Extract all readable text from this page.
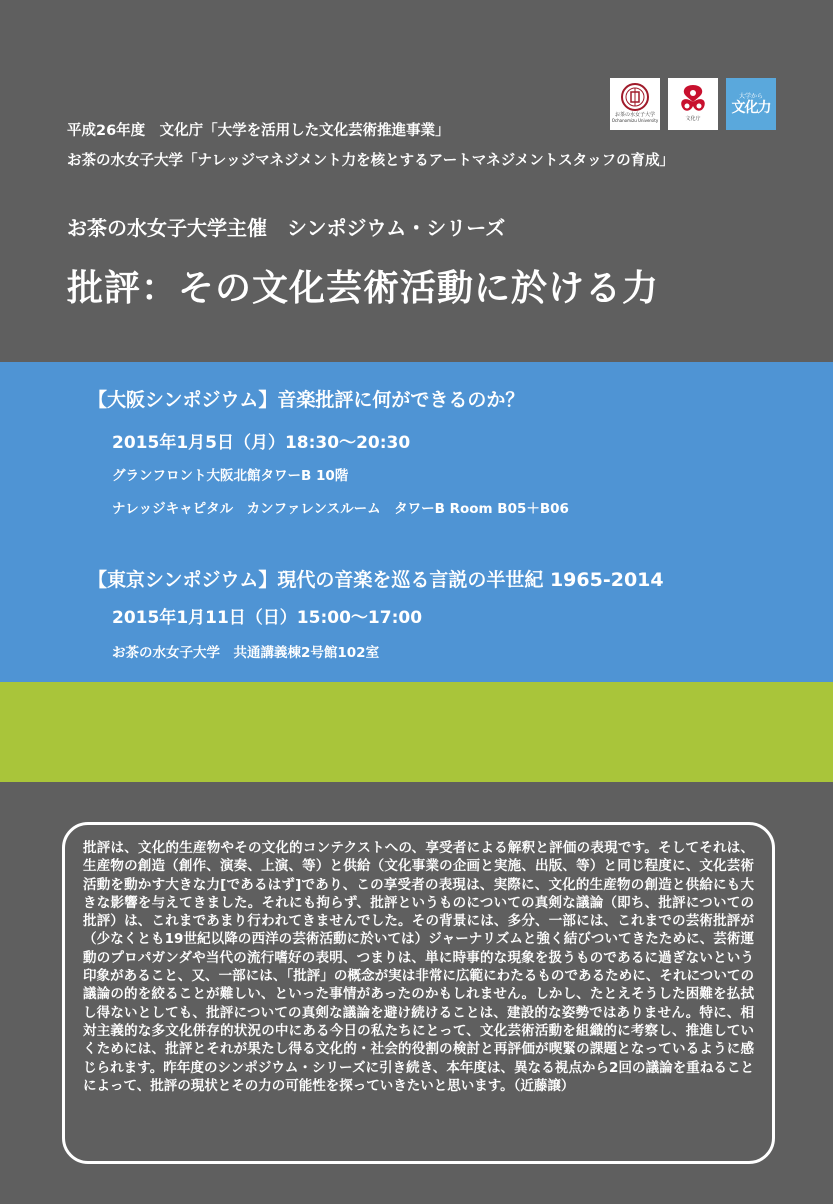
お茶の水女子大学
Ochanomizu University	文化庁
大学から
文化力
平成26年度　文化庁「大学を活用した文化芸術推進事業」
お茶の水女子大学「ナレッジマネジメント力を核とするアートマネジメントスタッフの育成」
お茶の水女子大学主催　シンポジウム・シリーズ
批評：その文化芸術活動に於ける力
【大阪シンポジウム】音楽批評に何ができるのか？
2015年1月5日（月）18:30〜20:30
グランフロント大阪北館タワーB 10階
ナレッジキャピタル　カンファレンスルーム　タワーB Room B05＋B06
【東京シンポジウム】現代の音楽を巡る言説の半世紀 1965-2014
2015年1月11日（日）15:00〜17:00
お茶の水女子大学　共通講義棟2号館102室

批評は、文化的生産物やその文化的コンテクストへの、享受者による解釈と評価の表現です。そしてそれは、生産物の創造（創作、演奏、上演、等）と供給（文化事業の企画と実施、出版、等）と同じ程度に、文化芸術活動を動かす大きな力[であるはず]であり、この享受者の表現は、実際に、文化的生産物の創造と供給にも大きな影響を与えてきました。それにも拘らず、批評というものについての真剣な議論（即ち、批評についての批評）は、これまであまり行われてきませんでした。その背景には、多分、一部には、これまでの芸術批評が（少なくとも19世紀以降の西洋の芸術活動に於いては）ジャーナリズムと強く結びついてきたために、芸術運動のプロパガンダや当代の流行嗜好の表明、つまりは、単に時事的な現象を扱うものであるに過ぎないという印象があること、又、一部には、「批評」の概念が実は非常に広範にわたるものであるために、それについての議論の的を絞ることが難しい、といった事情があったのかもしれません。しかし、たとえそうした困難を払拭し得ないとしても、批評についての真剣な議論を避け続けることは、建設的な姿勢ではありません。特に、相対主義的な多文化併存的状況の中にある今日の私たちにとって、文化芸術活動を組織的に考察し、推進していくためには、批評とそれが果たし得る文化的・社会的役割の検討と再評価が喫緊の課題となっているように感じられます。昨年度のシンポジウム・シリーズに引き続き、本年度は、異なる視点から2回の議論を重ねることによって、批評の現状とその力の可能性を探っていきたいと思います。（近藤譲）
